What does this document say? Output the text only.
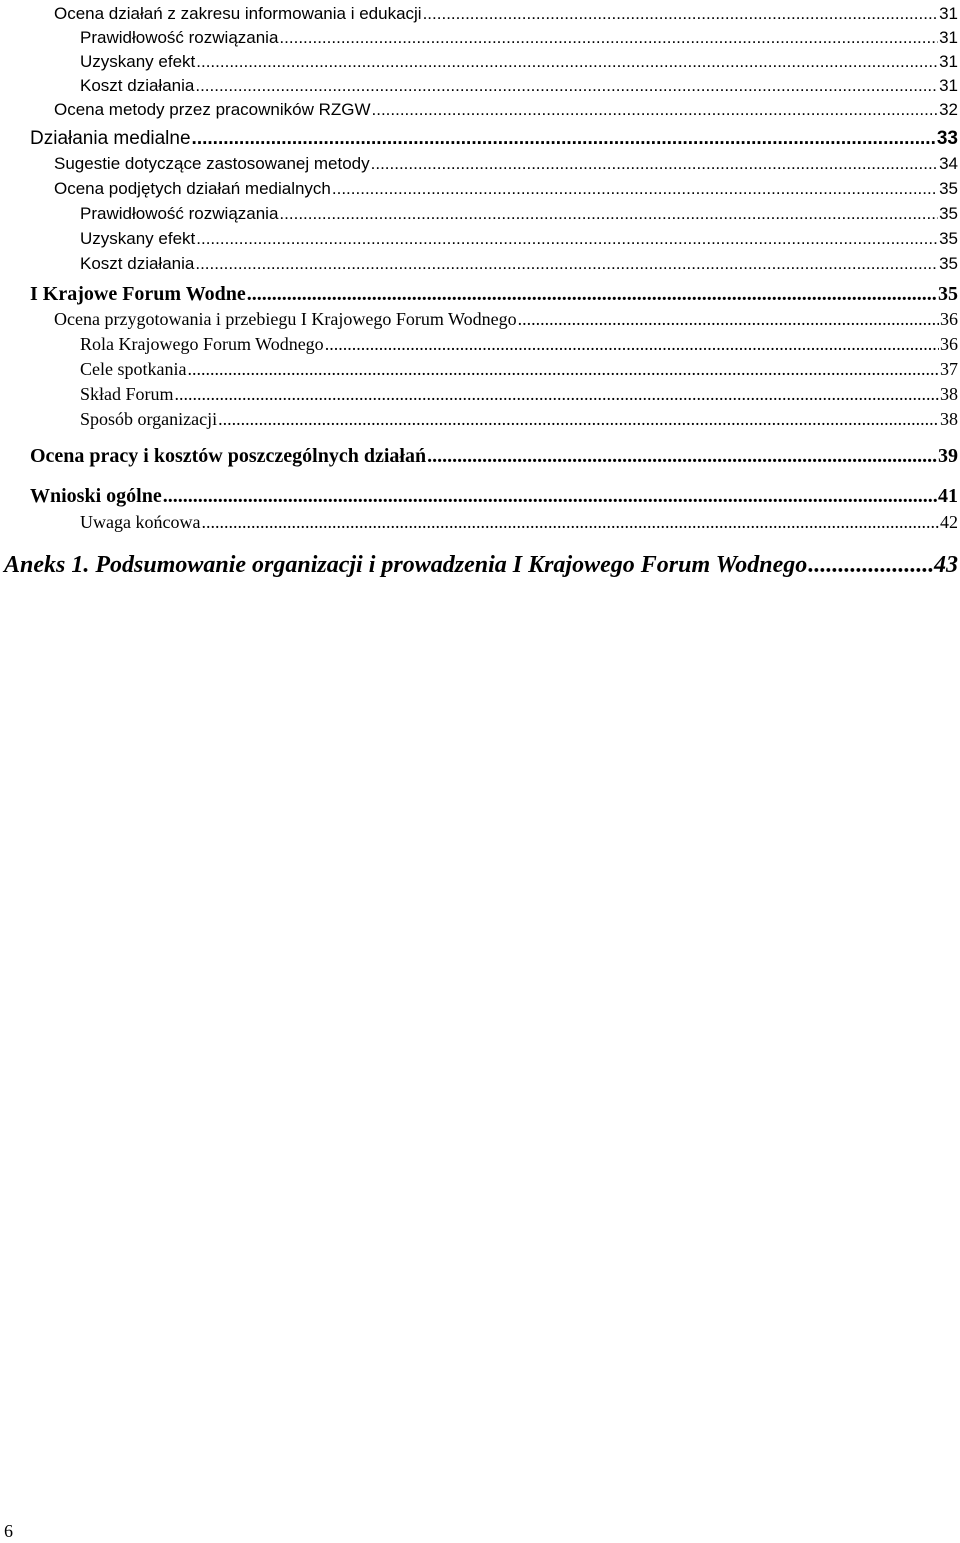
Ocena działań z zakresu informowania i edukacji .....	31
Prawidłowość rozwiązania .....	31
Uzyskany efekt .....	31
Koszt działania .....	31
Ocena metody przez pracowników RZGW .....	32
Działania medialne .....	33
Sugestie dotyczące zastosowanej metody .....	34
Ocena podjętych działań medialnych .....	35
Prawidłowość rozwiązania .....	35
Uzyskany efekt .....	35
Koszt działania .....	35
I Krajowe Forum Wodne .....	35
Ocena przygotowania i przebiegu I Krajowego Forum Wodnego .....	36
Rola Krajowego Forum Wodnego .....	36
Cele spotkania .....	37
Skład Forum .....	38
Sposób organizacji .....	38
Ocena pracy i kosztów poszczególnych działań .....	39
Wnioski ogólne .....	41
Uwaga końcowa .....	42
Aneks 1. Podsumowanie organizacji i prowadzenia I Krajowego Forum Wodnego .....	43
6
